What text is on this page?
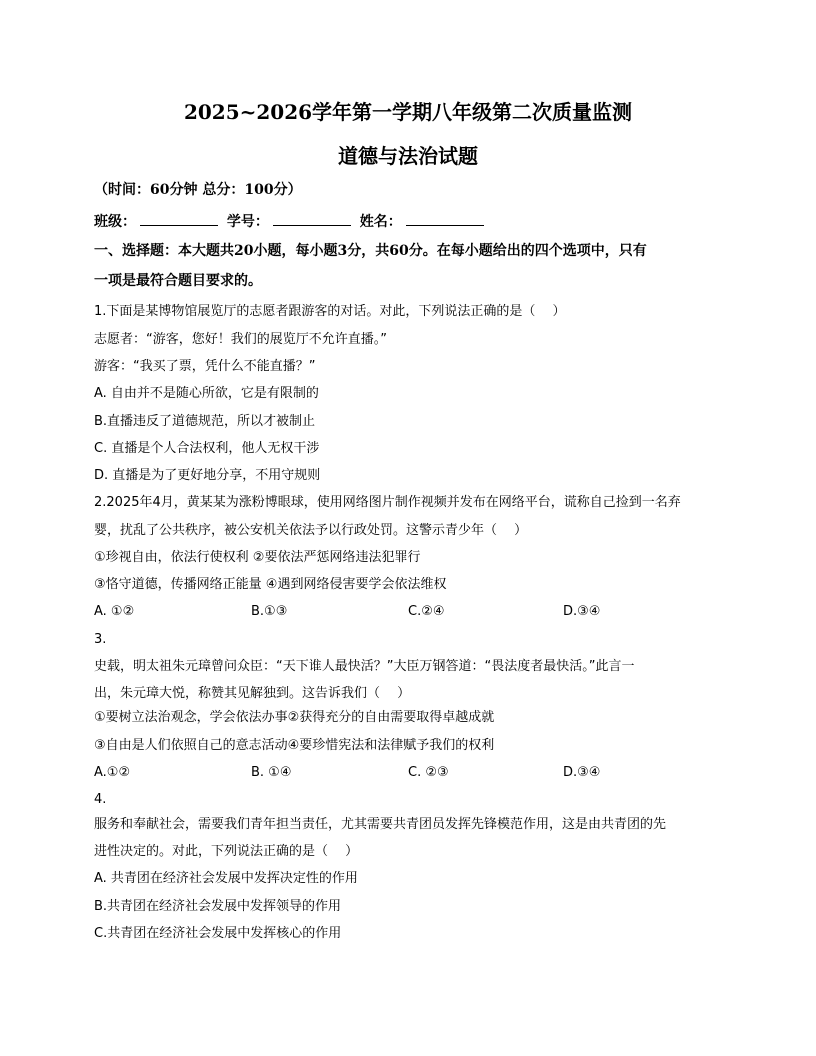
2025~2026学年第一学期八年级第二次质量监测
道德与法治试题
（时间：60分钟 总分：100分）
班级：	学号：	姓名：
一、选择题：本大题共20小题，每小题3分，共60分。在每小题给出的四个选项中，只有
一项是最符合题目要求的。
1.下面是某博物馆展览厅的志愿者跟游客的对话。对此，下列说法正确的是（　 ）
志愿者：“游客，您好！我们的展览厅不允许直播。”
游客：“我买了票，凭什么不能直播？”
A. 自由并不是随心所欲，它是有限制的
B.直播违反了道德规范，所以才被制止
C. 直播是个人合法权利，他人无权干涉
D. 直播是为了更好地分享，不用守规则
2.2025年4月，黄某某为涨粉博眼球，使用网络图片制作视频并发布在网络平台，谎称自己捡到一名弃
婴，扰乱了公共秩序，被公安机关依法予以行政处罚。这警示青少年（　 ）
①珍视自由，依法行使权利 ②要依法严惩网络违法犯罪行
③恪守道德，传播网络正能量 ④遇到网络侵害要学会依法维权
A. ①②	B.①③	C.②④	D.③④
3.
史载，明太祖朱元璋曾问众臣：“天下谁人最快活？”大臣万钢答道：“畏法度者最快活。”此言一
出，朱元璋大悦，称赞其见解独到。这告诉我们（　 ）
①要树立法治观念，学会依法办事②获得充分的自由需要取得卓越成就
③自由是人们依照自己的意志活动④要珍惜宪法和法律赋予我们的权利
A.①②	B. ①④	C. ②③	D.③④
4.
服务和奉献社会，需要我们青年担当责任，尤其需要共青团员发挥先锋模范作用，这是由共青团的先
进性决定的。对此，下列说法正确的是（　 ）
A. 共青团在经济社会发展中发挥决定性的作用
B.共青团在经济社会发展中发挥领导的作用
C.共青团在经济社会发展中发挥核心的作用
